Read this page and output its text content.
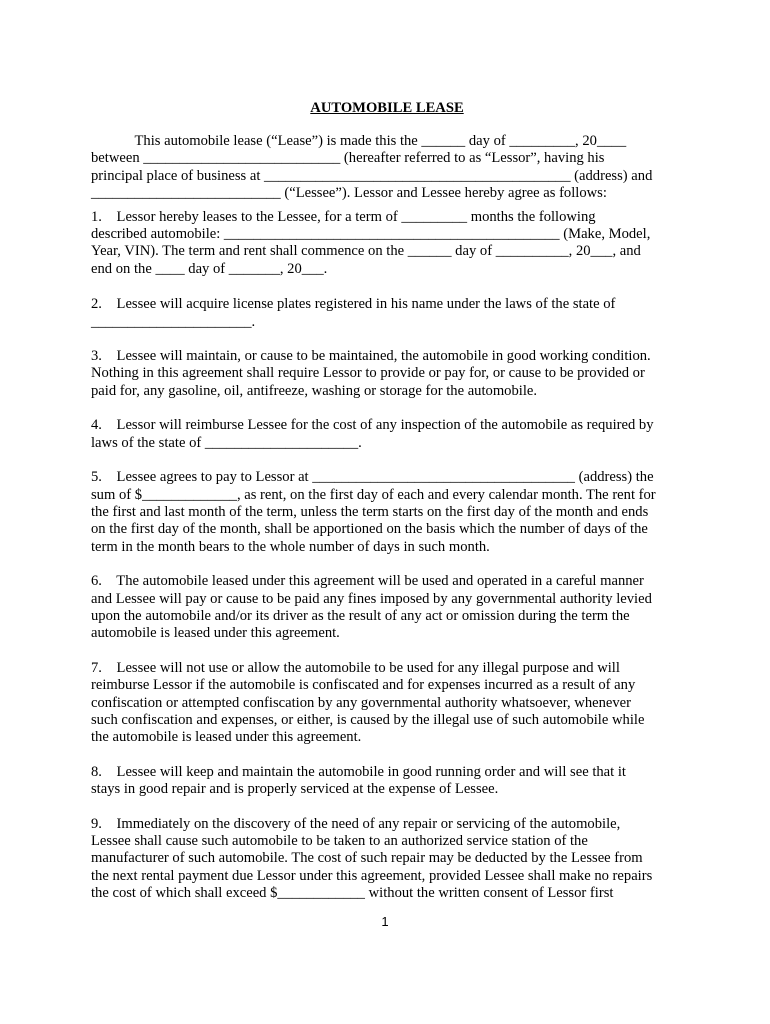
AUTOMOBILE LEASE
This automobile lease (“Lease”) is made this the ______ day of _________, 20____
between ___________________________ (hereafter referred to as “Lessor”, having his
principal place of business at __________________________________________ (address) and
__________________________ (“Lessee”). Lessor and Lessee hereby agree as follows:
1.    Lessor hereby leases to the Lessee, for a term of _________ months the following
described automobile: ______________________________________________ (Make, Model,
Year, VIN). The term and rent shall commence on the ______ day of __________, 20___, and
end on the ____ day of _______, 20___.
2.    Lessee will acquire license plates registered in his name under the laws of the state of
______________________.
3.    Lessee will maintain, or cause to be maintained, the automobile in good working condition.
Nothing in this agreement shall require Lessor to provide or pay for, or cause to be provided or
paid for, any gasoline, oil, antifreeze, washing or storage for the automobile.
4.    Lessor will reimburse Lessee for the cost of any inspection of the automobile as required by
laws of the state of _____________________.
5.    Lessee agrees to pay to Lessor at ____________________________________ (address) the
sum of $_____________, as rent, on the first day of each and every calendar month. The rent for
the first and last month of the term, unless the term starts on the first day of the month and ends
on the first day of the month, shall be apportioned on the basis which the number of days of the
term in the month bears to the whole number of days in such month.
6.    The automobile leased under this agreement will be used and operated in a careful manner
and Lessee will pay or cause to be paid any fines imposed by any governmental authority levied
upon the automobile and/or its driver as the result of any act or omission during the term the
automobile is leased under this agreement.
7.    Lessee will not use or allow the automobile to be used for any illegal purpose and will
reimburse Lessor if the automobile is confiscated and for expenses incurred as a result of any
confiscation or attempted confiscation by any governmental authority whatsoever, whenever
such confiscation and expenses, or either, is caused by the illegal use of such automobile while
the automobile is leased under this agreement.
8.    Lessee will keep and maintain the automobile in good running order and will see that it
stays in good repair and is properly serviced at the expense of Lessee.
9.    Immediately on the discovery of the need of any repair or servicing of the automobile,
Lessee shall cause such automobile to be taken to an authorized service station of the
manufacturer of such automobile. The cost of such repair may be deducted by the Lessee from
the next rental payment due Lessor under this agreement, provided Lessee shall make no repairs
the cost of which shall exceed $____________ without the written consent of Lessor first
1
